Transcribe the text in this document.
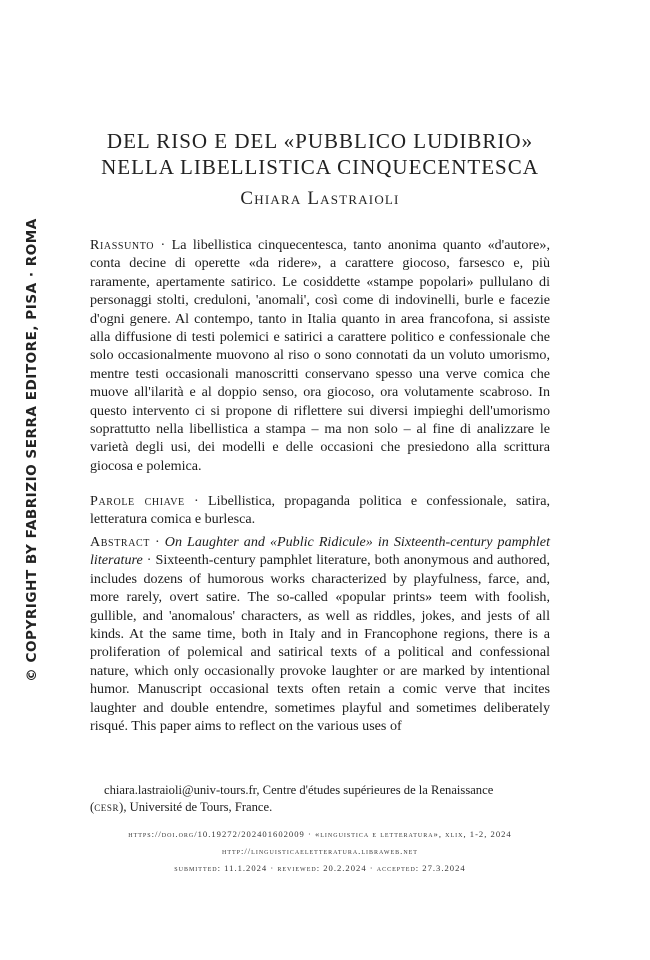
© COPYRIGHT BY FABRIZIO SERRA EDITORE, PISA · ROMA
DEL RISO E DEL «PUBBLICO LUDIBRIO»
NELLA LIBELLISTICA CINQUECENTESCA
Chiara Lastraioli

Riassunto · La libellistica cinquecentesca, tanto anonima quanto «d'autore», conta decine di operette «da ridere», a carattere giocoso, farsesco e, più raramente, apertamente satirico. Le cosiddette «stampe popolari» pullulano di personaggi stolti, creduloni, 'anomali', così come di indovinelli, burle e facezie d'ogni genere. Al contempo, tanto in Italia quanto in area francofona, si assiste alla diffusione di testi polemici e satirici a carattere politico e confessionale che solo occasionalmente muovono al riso o sono connotati da un voluto umorismo, mentre testi occasionali manoscritti conservano spesso una verve comica che muove all'ilarità e al doppio senso, ora giocoso, ora volutamente scabroso. In questo intervento ci si propone di riflettere sui diversi impieghi dell'umorismo soprattutto nella libellistica a stampa – ma non solo – al fine di analizzare le varietà degli usi, dei modelli e delle occasioni che presiedono alla scrittura giocosa e polemica.

Parole chiave · Libellistica, propaganda politica e confessionale, satira, letteratura comica e burlesca.

Abstract · On Laughter and «Public Ridicule» in Sixteenth-century pamphlet literature · Sixteenth-century pamphlet literature, both anonymous and authored, includes dozens of humorous works characterized by playfulness, farce, and, more rarely, overt satire. The so-called «popular prints» teem with foolish, gullible, and 'anomalous' characters, as well as riddles, jokes, and jests of all kinds. At the same time, both in Italy and in Francophone regions, there is a proliferation of polemical and satirical texts of a political and confessional nature, which only occasionally provoke laughter or are marked by intentional humor. Manuscript occasional texts often retain a comic verve that incites laughter and double entendre, sometimes playful and sometimes deliberately risqué. This paper aims to reflect on the various uses of

chiara.lastraioli@univ-tours.fr, Centre d'études supérieures de la Renaissance
(cesr), Université de Tours, France.
https://doi.org/10.19272/202401602009 · «linguistica e letteratura», xlix, 1-2, 2024
http://linguisticaeletteratura.libraweb.net
submitted: 11.1.2024 · reviewed: 20.2.2024 · accepted: 27.3.2024
